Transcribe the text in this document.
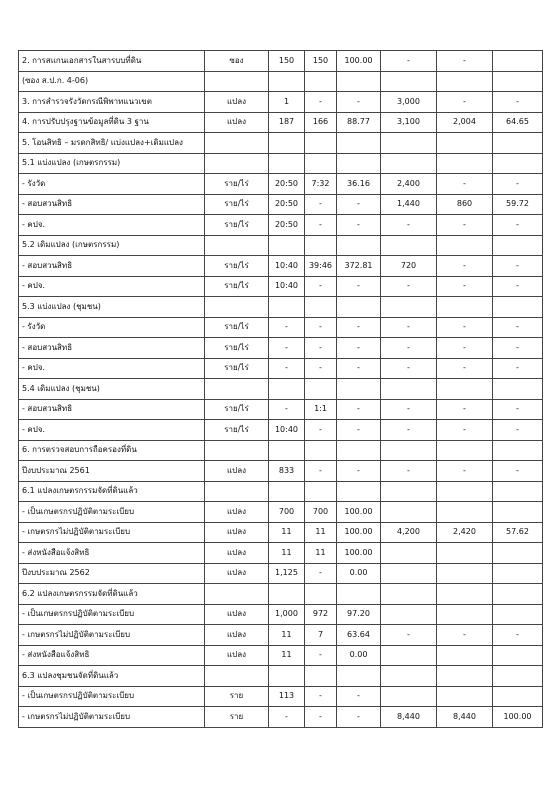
2. การสแกนเอกสารในสารบบที่ดิน	ซอง	150	150	100.00	-	-	
(ซอง ส.ป.ก. 4-06)							
3. การสำรวจรังวัดกรณีพิพาทแนวเขต	แปลง	1	-	-	3,000	-	-
4. การปรับปรุงฐานข้อมูลที่ดิน 3 ฐาน	แปลง	187	166	88.77	3,100	2,004	64.65
5. โอนสิทธิ – มรดกสิทธิ/ แบ่งแปลง+เดิมแปลง							
5.1 แบ่งแปลง (เกษตรกรรม)							
- รังวัด	ราย/ไร่	20:50	7:32	36.16	2,400	-	-
- สอบสวนสิทธิ	ราย/ไร่	20:50	-	-	1,440	860	59.72
- คปจ.	ราย/ไร่	20:50	-	-	-	-	-
5.2 เดิมแปลง (เกษตรกรรม)							
- สอบสวนสิทธิ	ราย/ไร่	10:40	39:46	372.81	720	-	-
- คปจ.	ราย/ไร่	10:40	-	-	-	-	-
5.3 แบ่งแปลง (ชุมชน)							
- รังวัด	ราย/ไร่	-	-	-	-	-	-
- สอบสวนสิทธิ	ราย/ไร่	-	-	-	-	-	-
- คปจ.	ราย/ไร่	-	-	-	-	-	-
5.4 เดิมแปลง (ชุมชน)							
- สอบสวนสิทธิ	ราย/ไร่	-	1:1	-	-	-	-
- คปจ.	ราย/ไร่	10:40	-	-	-	-	-
6. การตรวจสอบการถือครองที่ดิน							
ปีงบประมาณ 2561	แปลง	833	-	-	-	-	-
6.1 แปลงเกษตรกรรมจัดที่ดินแล้ว							
- เป็นเกษตรกรปฏิบัติตามระเบียบ	แปลง	700	700	100.00			
- เกษตรกรไม่ปฏิบัติตามระเบียบ	แปลง	11	11	100.00	4,200	2,420	57.62
- ส่งหนังสือแจ้งสิทธิ	แปลง	11	11	100.00			
ปีงบประมาณ 2562	แปลง	1,125	-	0.00			
6.2 แปลงเกษตรกรรมจัดที่ดินแล้ว							
- เป็นเกษตรกรปฏิบัติตามระเบียบ	แปลง	1,000	972	97.20			
- เกษตรกรไม่ปฏิบัติตามระเบียบ	แปลง	11	7	63.64	-	-	-
- ส่งหนังสือแจ้งสิทธิ	แปลง	11	-	0.00			
6.3 แปลงชุมชนจัดที่ดินแล้ว							
- เป็นเกษตรกรปฏิบัติตามระเบียบ	ราย	113	-	-			
- เกษตรกรไม่ปฏิบัติตามระเบียบ	ราย	-	-	-	8,440	8,440	100.00
